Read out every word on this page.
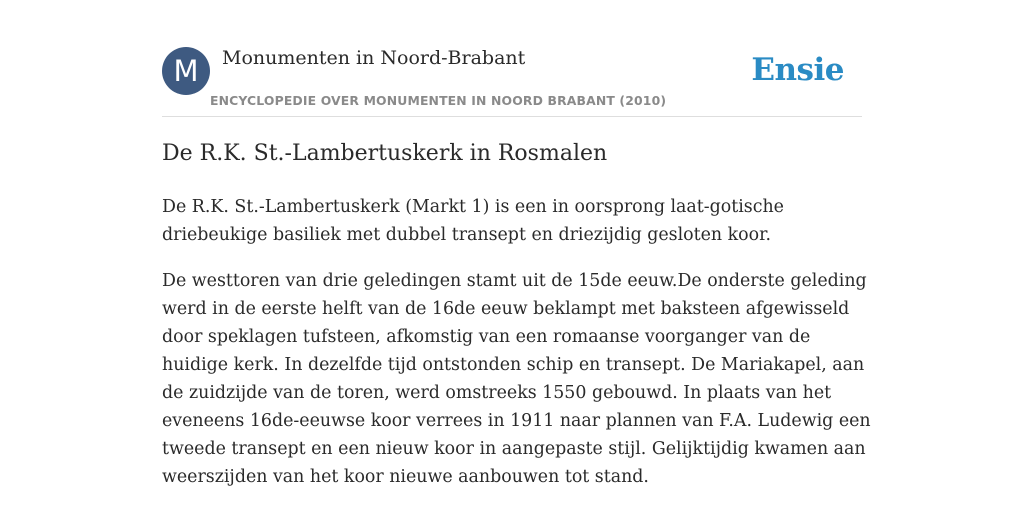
M	Monumenten in Noord-Brabant
ENCYCLOPEDIE OVER MONUMENTEN IN NOORD BRABANT (2010)
Ensie
De R.K. St.-Lambertuskerk in Rosmalen

De R.K. St.-Lambertuskerk (Markt 1) is een in oorsprong laat-gotische driebeukige basiliek met dubbel transept en driezijdig gesloten koor.

De westtoren van drie geledingen stamt uit de 15de eeuw.De onderste geleding werd in de eerste helft van de 16de eeuw beklampt met baksteen afgewisseld door speklagen tufsteen, afkomstig van een romaanse voorganger van de huidige kerk. In dezelfde tijd ontstonden schip en transept. De Mariakapel, aan de zuidzijde van de toren, werd omstreeks 1550 gebouwd. In plaats van het eveneens 16de-eeuwse koor verrees in 1911 naar plannen van F.A. Ludewig een tweede transept en een nieuw koor in aangepaste stijl. Gelijktijdig kwamen aan weerszijden van het koor nieuwe aanbouwen tot stand.
